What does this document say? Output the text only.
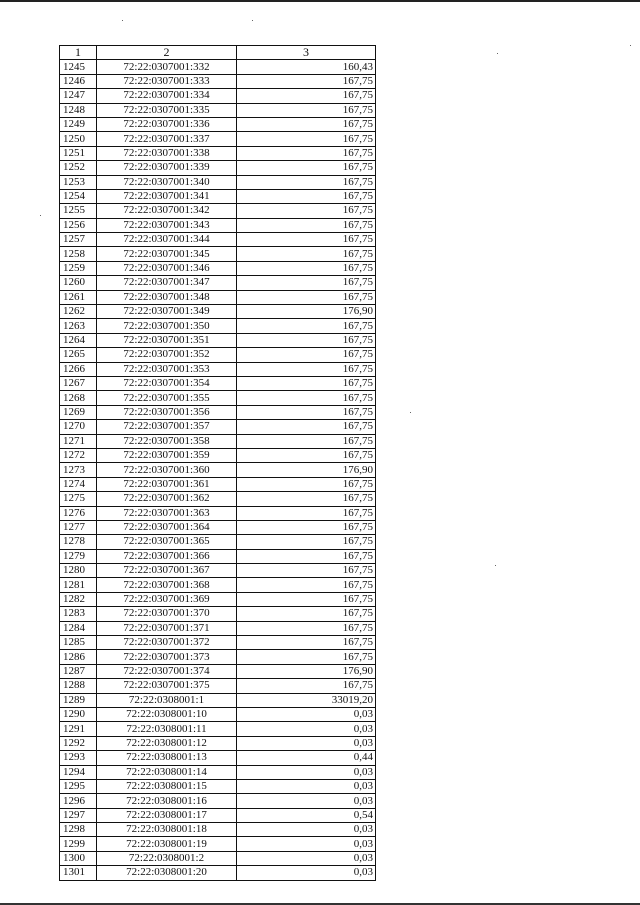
1	2	3
1245	72:22:0307001:332	160,43
1246	72:22:0307001:333	167,75
1247	72:22:0307001:334	167,75
1248	72:22:0307001:335	167,75
1249	72:22:0307001:336	167,75
1250	72:22:0307001:337	167,75
1251	72:22:0307001:338	167,75
1252	72:22:0307001:339	167,75
1253	72:22:0307001:340	167,75
1254	72:22:0307001:341	167,75
1255	72:22:0307001:342	167,75
1256	72:22:0307001:343	167,75
1257	72:22:0307001:344	167,75
1258	72:22:0307001:345	167,75
1259	72:22:0307001:346	167,75
1260	72:22:0307001:347	167,75
1261	72:22:0307001:348	167,75
1262	72:22:0307001:349	176,90
1263	72:22:0307001:350	167,75
1264	72:22:0307001:351	167,75
1265	72:22:0307001:352	167,75
1266	72:22:0307001:353	167,75
1267	72:22:0307001:354	167,75
1268	72:22:0307001:355	167,75
1269	72:22:0307001:356	167,75
1270	72:22:0307001:357	167,75
1271	72:22:0307001:358	167,75
1272	72:22:0307001:359	167,75
1273	72:22:0307001:360	176,90
1274	72:22:0307001:361	167,75
1275	72:22:0307001:362	167,75
1276	72:22:0307001:363	167,75
1277	72:22:0307001:364	167,75
1278	72:22:0307001:365	167,75
1279	72:22:0307001:366	167,75
1280	72:22:0307001:367	167,75
1281	72:22:0307001:368	167,75
1282	72:22:0307001:369	167,75
1283	72:22:0307001:370	167,75
1284	72:22:0307001:371	167,75
1285	72:22:0307001:372	167,75
1286	72:22:0307001:373	167,75
1287	72:22:0307001:374	176,90
1288	72:22:0307001:375	167,75
1289	72:22:0308001:1	33019,20
1290	72:22:0308001:10	0,03
1291	72:22:0308001:11	0,03
1292	72:22:0308001:12	0,03
1293	72:22:0308001:13	0,44
1294	72:22:0308001:14	0,03
1295	72:22:0308001:15	0,03
1296	72:22:0308001:16	0,03
1297	72:22:0308001:17	0,54
1298	72:22:0308001:18	0,03
1299	72:22:0308001:19	0,03
1300	72:22:0308001:2	0,03
1301	72:22:0308001:20	0,03
